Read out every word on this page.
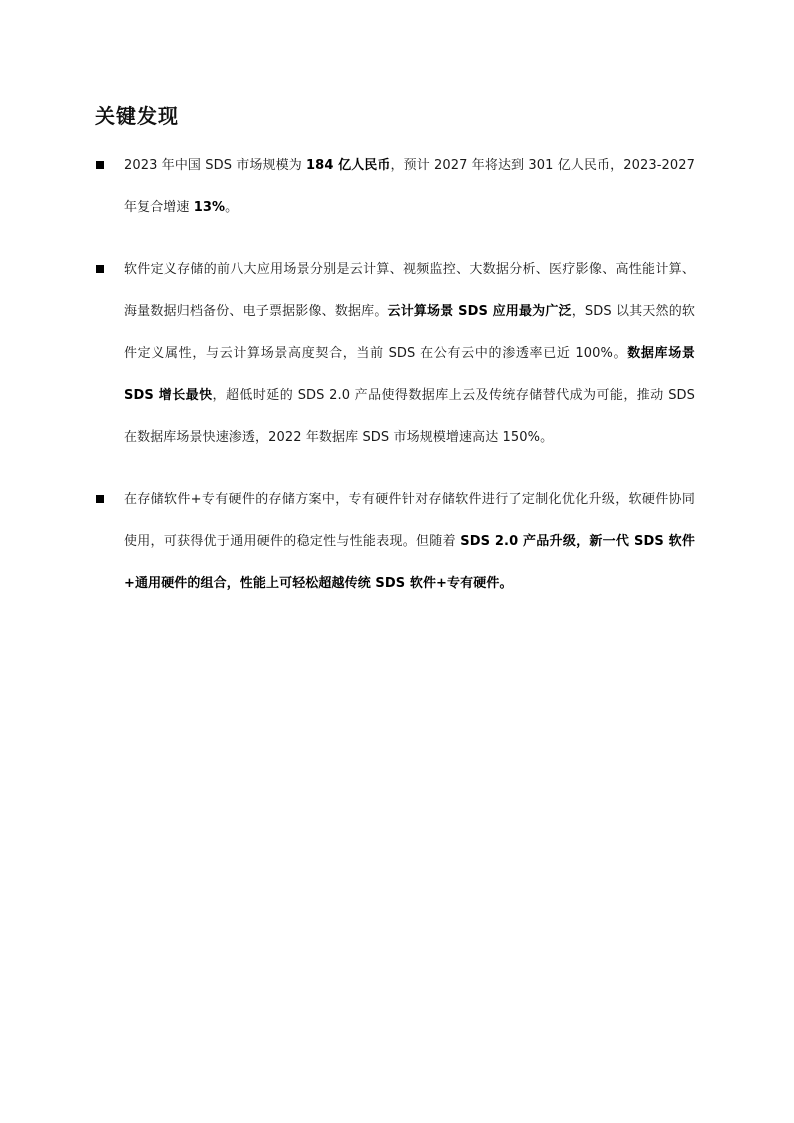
关键发现
2023 年中国 SDS 市场规模为 184 亿人民币，预计 2027 年将达到 301 亿人民币，2023-2027 年复合增速 13%。
软件定义存储的前八大应用场景分别是云计算、视频监控、大数据分析、医疗影像、高性能计算、海量数据归档备份、电子票据影像、数据库。云计算场景 SDS 应用最为广泛，SDS 以其天然的软件定义属性，与云计算场景高度契合，当前 SDS 在公有云中的渗透率已近 100%。数据库场景 SDS 增长最快，超低时延的 SDS 2.0 产品使得数据库上云及传统存储替代成为可能，推动 SDS 在数据库场景快速渗透，2022 年数据库 SDS 市场规模增速高达 150%。
在存储软件+专有硬件的存储方案中，专有硬件针对存储软件进行了定制化优化升级，软硬件协同使用，可获得优于通用硬件的稳定性与性能表现。但随着 SDS 2.0 产品升级，新一代 SDS 软件+通用硬件的组合，性能上可轻松超越传统 SDS 软件+专有硬件。
